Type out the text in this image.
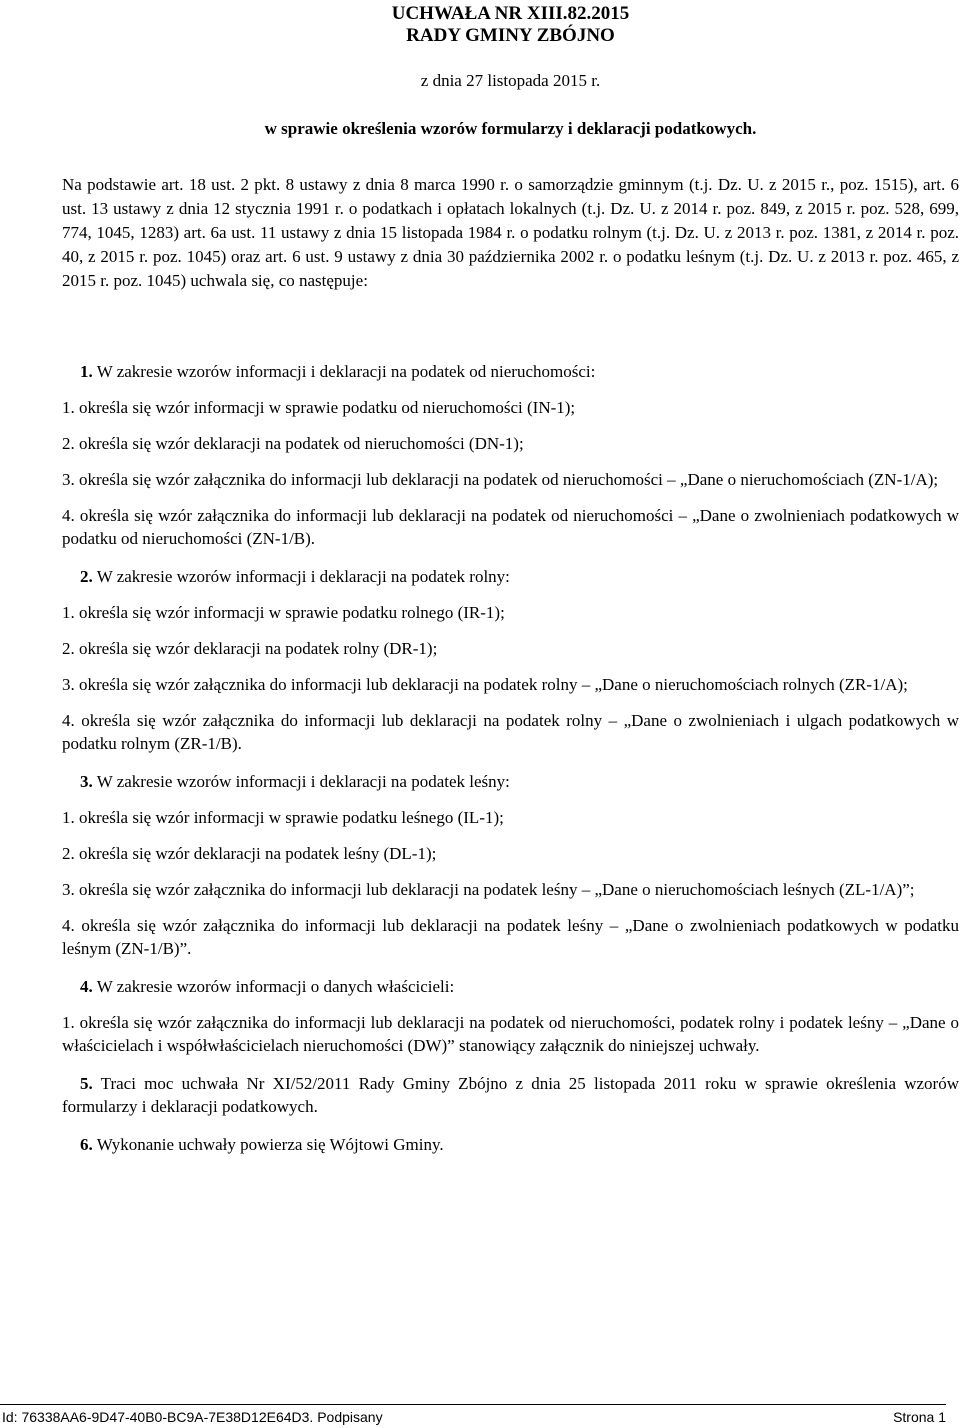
UCHWAŁA NR XIII.82.2015
RADY GMINY ZBÓJNO
z dnia 27 listopada 2015 r.
w sprawie określenia wzorów formularzy i deklaracji podatkowych.

Na podstawie art. 18 ust. 2 pkt. 8 ustawy z dnia 8 marca 1990 r. o samorządzie gminnym (t.j. Dz. U. z 2015 r., poz. 1515), art. 6 ust. 13 ustawy z dnia 12 stycznia 1991 r. o podatkach i opłatach lokalnych (t.j. Dz. U. z 2014 r. poz. 849, z 2015 r. poz. 528, 699, 774, 1045, 1283) art. 6a ust. 11 ustawy z dnia 15 listopada 1984 r. o podatku rolnym (t.j. Dz. U. z 2013 r. poz. 1381, z 2014 r. poz. 40, z 2015 r. poz. 1045) oraz art. 6 ust. 9 ustawy z dnia 30 października 2002 r. o podatku leśnym (t.j. Dz. U. z 2013 r. poz. 465, z 2015 r. poz. 1045) uchwala się, co następuje:

1. W zakresie wzorów informacji i deklaracji na podatek od nieruchomości:

1. określa się wzór informacji w sprawie podatku od nieruchomości (IN-1);

2. określa się wzór deklaracji na podatek od nieruchomości (DN-1);

3. określa się wzór załącznika do informacji lub deklaracji na podatek od nieruchomości – „Dane o nieruchomościach (ZN-1/A);

4. określa się wzór załącznika do informacji lub deklaracji na podatek od nieruchomości – „Dane o zwolnieniach podatkowych w podatku od nieruchomości (ZN-1/B).

2. W zakresie wzorów informacji i deklaracji na podatek rolny:

1. określa się wzór informacji w sprawie podatku rolnego (IR-1);

2. określa się wzór deklaracji na podatek rolny (DR-1);

3. określa się wzór załącznika do informacji lub deklaracji na podatek rolny – „Dane o nieruchomościach rolnych (ZR-1/A);

4. określa się wzór załącznika do informacji lub deklaracji na podatek rolny – „Dane o zwolnieniach i ulgach podatkowych w podatku rolnym (ZR-1/B).

3. W zakresie wzorów informacji i deklaracji na podatek leśny:

1. określa się wzór informacji w sprawie podatku leśnego (IL-1);

2. określa się wzór deklaracji na podatek leśny (DL-1);

3. określa się wzór załącznika do informacji lub deklaracji na podatek leśny – „Dane o nieruchomościach leśnych (ZL-1/A)”;

4. określa się wzór załącznika do informacji lub deklaracji na podatek leśny – „Dane o zwolnieniach podatkowych w podatku leśnym (ZN-1/B)”.

4. W zakresie wzorów informacji o danych właścicieli:

1. określa się wzór załącznika do informacji lub deklaracji na podatek od nieruchomości, podatek rolny i podatek leśny – „Dane o właścicielach i współwłaścicielach nieruchomości (DW)” stanowiący załącznik do niniejszej uchwały.

5. Traci moc uchwała Nr XI/52/2011 Rady Gminy Zbójno z dnia 25 listopada 2011 roku w sprawie określenia wzorów formularzy i deklaracji podatkowych.

6. Wykonanie uchwały powierza się Wójtowi Gminy.

Id: 76338AA6-9D47-40B0-BC9A-7E38D12E64D3. Podpisany	Strona 1
